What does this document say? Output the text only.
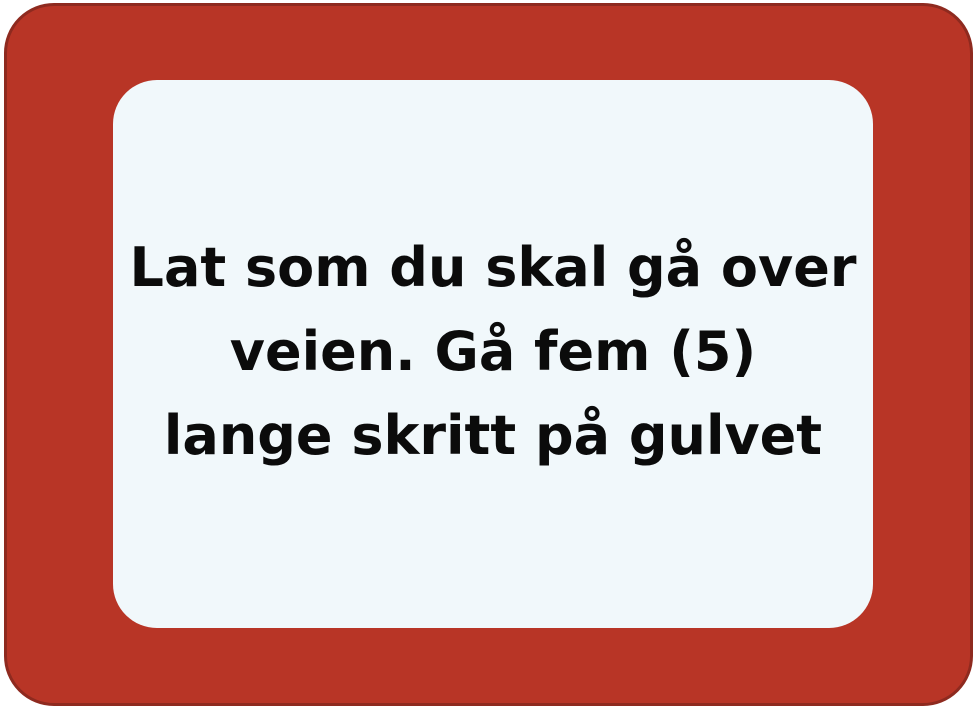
Lat som du skal gå over
veien. Gå fem (5)
lange skritt på gulvet
